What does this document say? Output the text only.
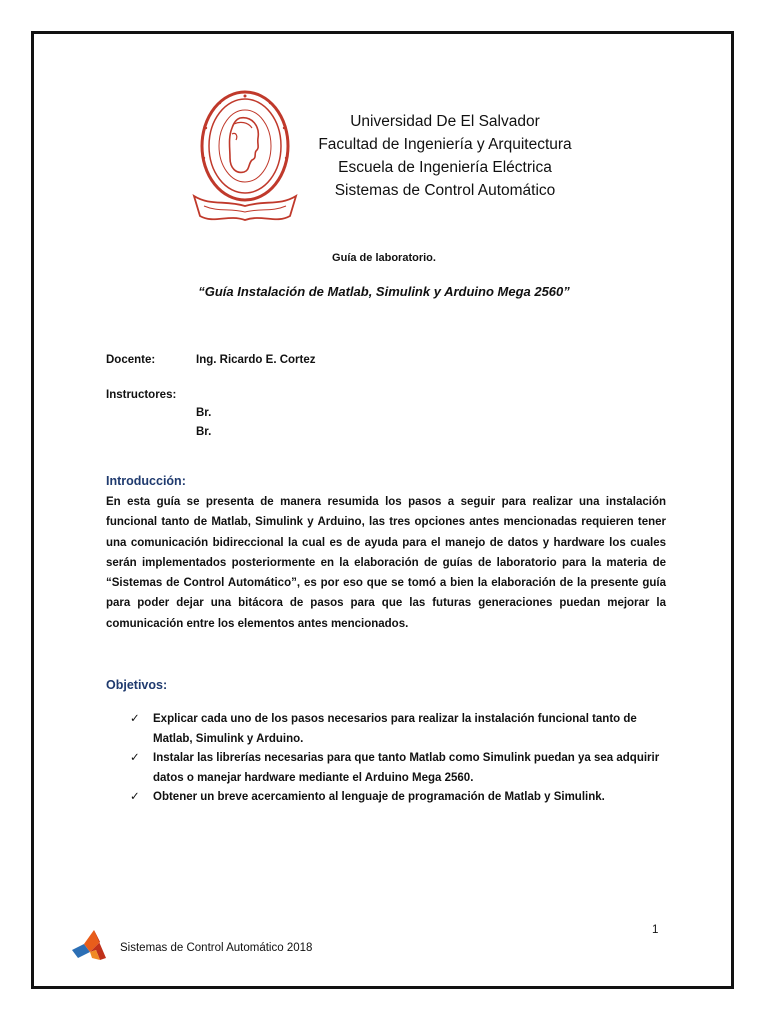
Universidad De El Salvador
Facultad de Ingeniería y Arquitectura
Escuela de Ingeniería Eléctrica
Sistemas de Control Automático
Guía de laboratorio.
“Guía Instalación de Matlab, Simulink y Arduino Mega 2560”
Docente:	Ing. Ricardo E. Cortez
Instructores:
Br.
Br.
Introducción:
En esta guía se presenta de manera resumida los pasos a seguir para realizar una instalación funcional tanto de Matlab, Simulink y Arduino, las tres opciones antes mencionadas requieren tener una comunicación bidireccional la cual es de ayuda para el manejo de datos y hardware los cuales serán implementados posteriormente en la elaboración de guías de laboratorio para la materia de “Sistemas de Control Automático”, es por eso que se tomó a bien la elaboración de la presente guía para poder dejar una bitácora de pasos para que las futuras generaciones puedan mejorar la comunicación entre los elementos antes mencionados.
Objetivos:
✓ Explicar cada uno de los pasos necesarios para realizar la instalación funcional tanto de Matlab, Simulink y Arduino.
✓ Instalar las librerías necesarias para que tanto Matlab como Simulink puedan ya sea adquirir datos o manejar hardware mediante el Arduino Mega 2560.
✓ Obtener un breve acercamiento al lenguaje de programación de Matlab y Simulink.
1
Sistemas de Control Automático 2018
